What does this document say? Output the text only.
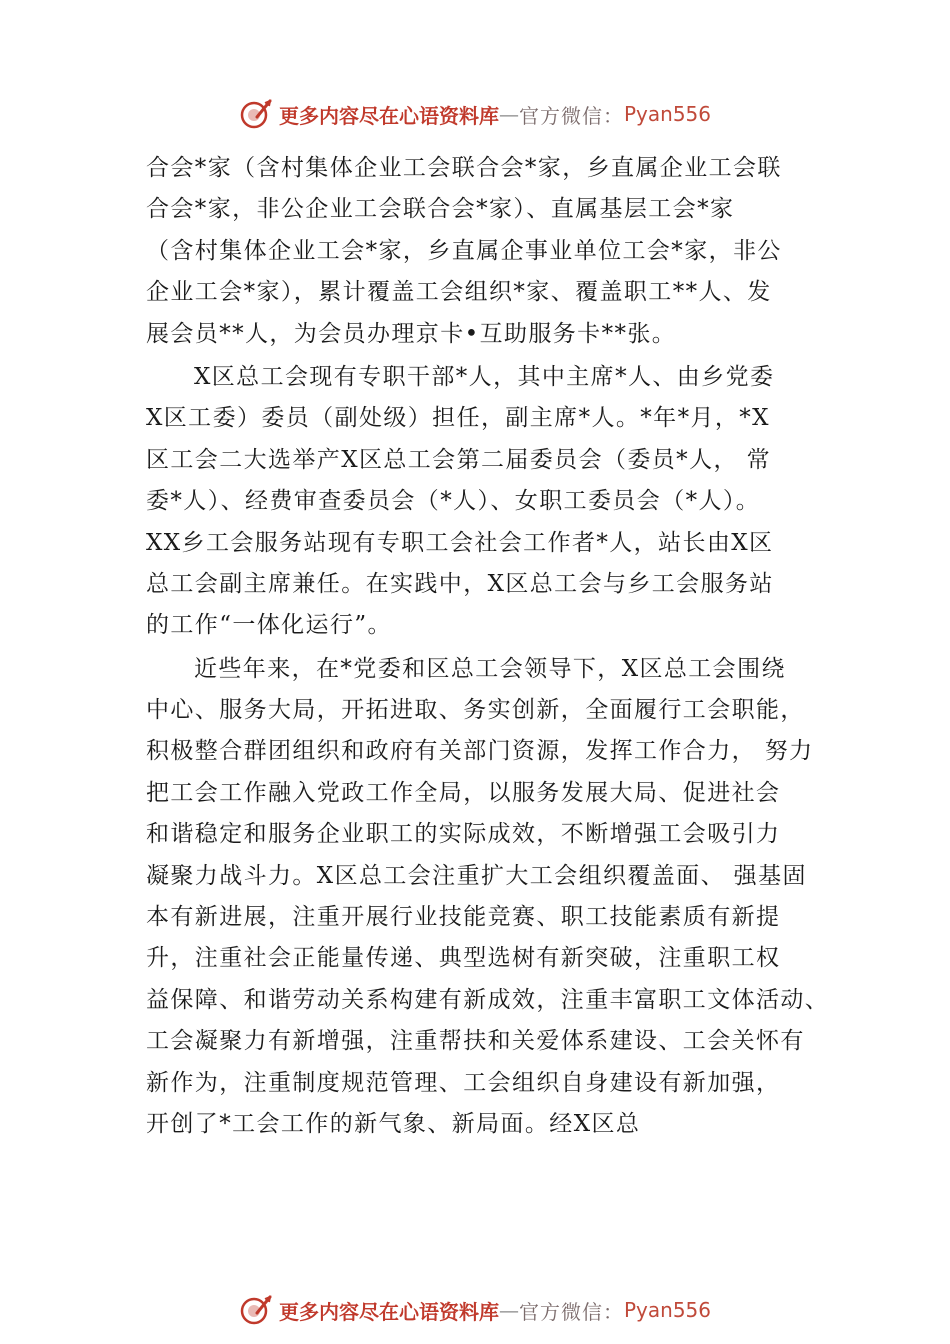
更多内容尽在心语资料库 — 官方微信： Pyan556
合会*家（含村集体企业工会联合会*家，乡直属企业工会联
合会*家，非公企业工会联合会*家）、直属基层工会*家
（含村集体企业工会*家，乡直属企事业单位工会*家，非公
企业工会*家），累计覆盖工会组织*家、覆盖职工**人、发
展会员**人，为会员办理京卡•互助服务卡**张。
X区总工会现有专职干部*人，其中主席*人、由乡党委
X区工委）委员（副处级）担任，副主席*人。*年*月，*X
区工会二大选举产X区总工会第二届委员会（委员*人， 常
委*人）、经费审查委员会（*人）、女职工委员会（*人）。
XX乡工会服务站现有专职工会社会工作者*人，站长由X区
总工会副主席兼任。在实践中，X区总工会与乡工会服务站
的工作“一体化运行”。
近些年来，在*党委和区总工会领导下，X区总工会围绕
中心、服务大局，开拓进取、务实创新，全面履行工会职能，
积极整合群团组织和政府有关部门资源，发挥工作合力， 努力
把工会工作融入党政工作全局，以服务发展大局、促进社会
和谐稳定和服务企业职工的实际成效，不断增强工会吸引力
凝聚力战斗力。X区总工会注重扩大工会组织覆盖面、 强基固
本有新进展，注重开展行业技能竞赛、职工技能素质有新提
升，注重社会正能量传递、典型选树有新突破，注重职工权
益保障、和谐劳动关系构建有新成效，注重丰富职工文体活动、
工会凝聚力有新增强，注重帮扶和关爱体系建设、工会关怀有
新作为，注重制度规范管理、工会组织自身建设有新加强，
开创了*工会工作的新气象、新局面。经X区总
更多内容尽在心语资料库 — 官方微信： Pyan556
